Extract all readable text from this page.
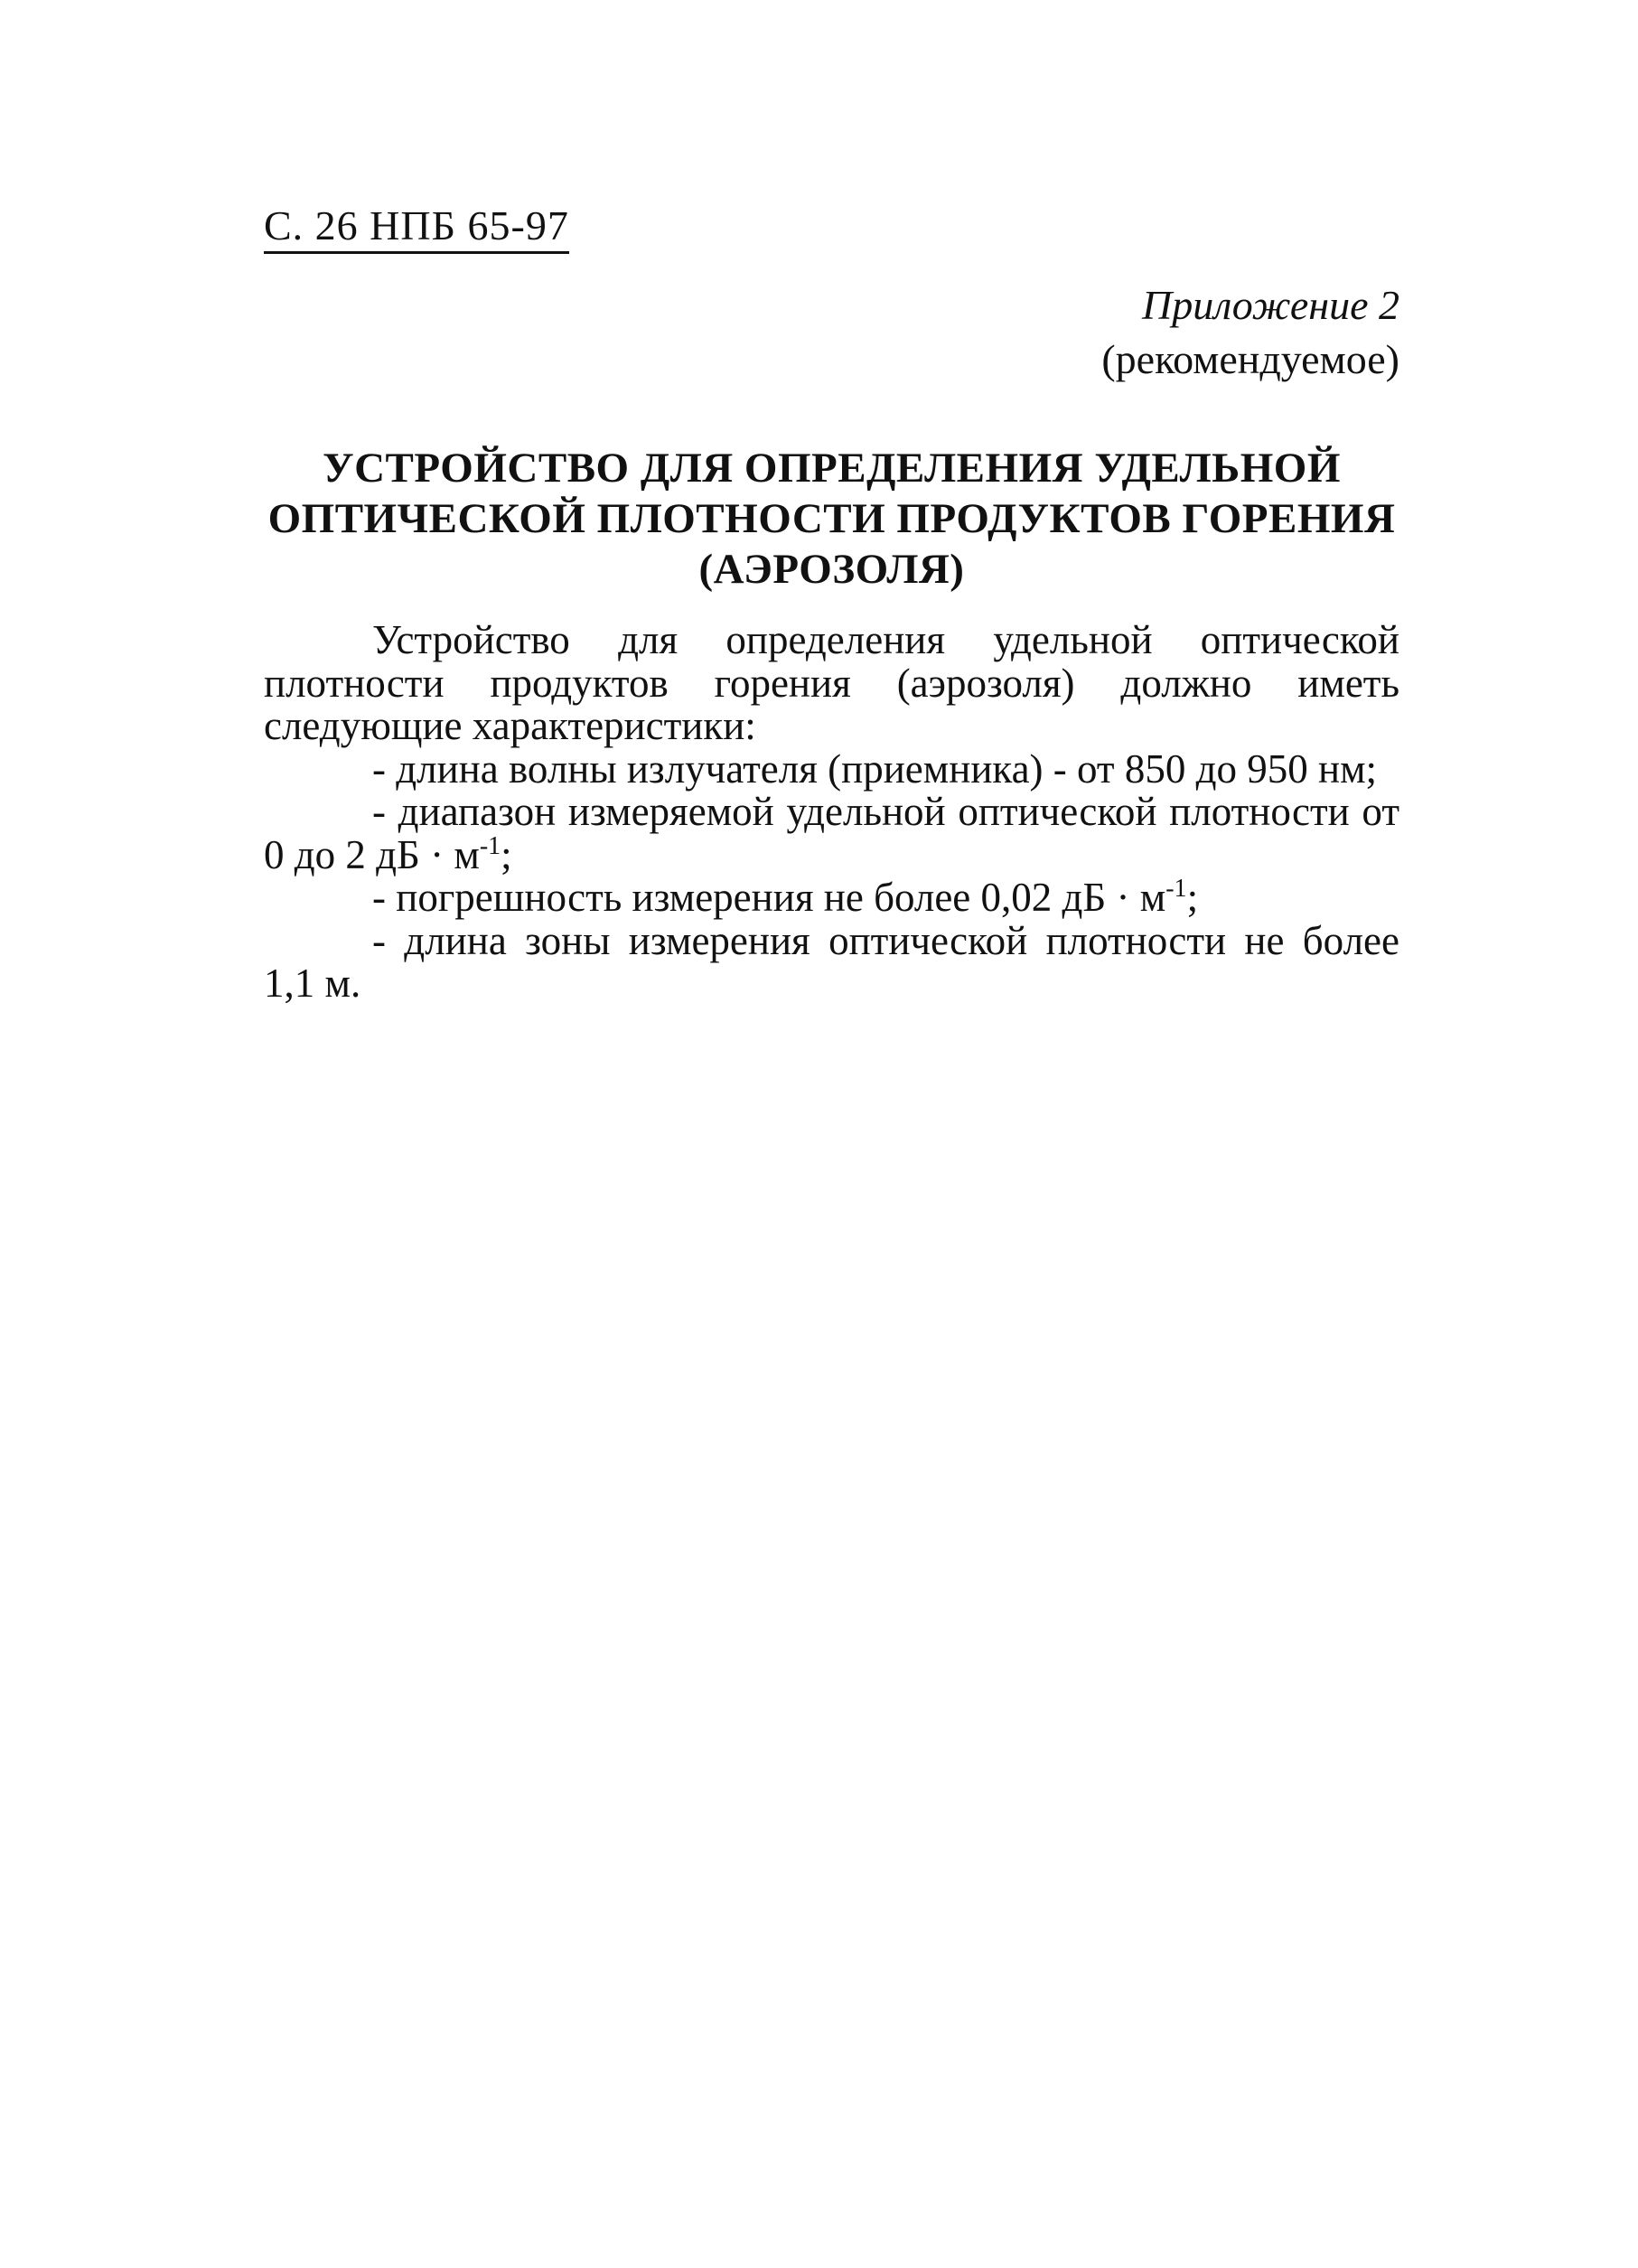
С. 26 НПБ 65-97
Приложение 2
(рекомендуемое)
УСТРОЙСТВО ДЛЯ ОПРЕДЕЛЕНИЯ УДЕЛЬНОЙ
ОПТИЧЕСКОЙ ПЛОТНОСТИ ПРОДУКТОВ ГОРЕНИЯ
(АЭРОЗОЛЯ)

Устройство для определения удельной оптической плотности продуктов горения (аэрозоля) должно иметь следующие характеристики:

- длина волны излучателя (приемника) - от 850 до 950 нм;
- диапазон измеряемой удельной оптической плотности от 0 до 2 дБ · $м^{-1}$;
- погрешность измерения не более 0,02 дБ · $м^{-1}$;
- длина зоны измерения оптической плотности не более 1,1 м.
